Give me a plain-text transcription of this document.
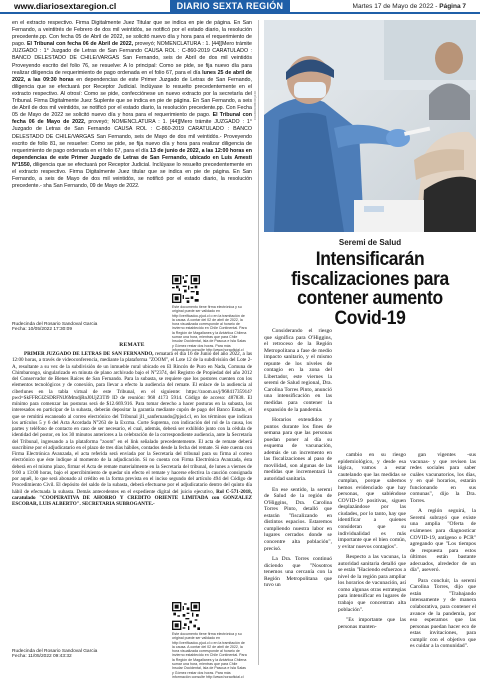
www.diariosextaregion.cl	DIARIO SEXTA REGIÓN	Martes 17 de Mayo de 2022 - Página 7

en el extracto respectivo. Firma Digitalmente Juez Titular que se indica en pie de página. En San Fernando, a veintitrés de Febrero de dos mil veintidós, se notificó por el estado diario, la resolución precedente.pp. Con fecha 05 de Abril de 2022, se solicitó nuevo día y hora para el requerimiento de pago. El Tribunal con fecha 06 de Abril de 2022, proveyó; NOMENCLATURA : 1. [44][Mero trámite JUZGADO : 1° Juzgado de Letras de San Fernando CAUSA ROL : C-860-2019 CARATULADO : BANCO DELESTADO DE CHILE/VARGAS San Fernando, seis de Abril de dos mil veintidós Proveyendo escrito del folio 76, se resuelve: A lo principal: Como se pide, se fija nuevo día para realizar diligencia de requerimiento de pago ordenada en el folio 67, para el día lunes 25 de abril de 2022, a las 09:30 horas en dependencias de este Primer Juzgado de Letras de San Fernando, diligencia que se efectuará por Receptor Judicial. Inclúyase lo resuelto precedentemente en el extracto respectivo. Al otrosí: Como se pide, confecciónese un nuevo extracto por la secretaría del Tribunal. Firma Digitalmente Juez Suplente que se indica en pie de página. En San Fernando, a seis de Abril de dos mil veintidós, se notificó por el estado diario, la resolución precedente.pp. Con Fecha 05 de Mayo de 2022 se solicitó nuevo día y hora para el requerimiento de pago. El Tribunal con fecha 06 de Mayo de 2022, proveyó; NOMENCLATURA : 1. [44][Mero trámite JUZGADO : 1° Juzgado de Letras de San Fernando CAUSA ROL : C-860-2019 CARATULADO : BANCO DELESTADO DE CHILE/VARGAS San Fernando, seis de Mayo de dos mil veintidós.- Proveyendo escrito de folio 81, se resuelve: Como se pide, se fija nuevo día y hora para realizar diligencia de requerimiento de pago ordenada en el folio 67, para el día 13 de junio de 2022, a las 12:00 horas en dependencias de este Primer Juzgado de Letras de San Fernando, ubicado en Luis Amesti N°1550, diligencia que se efectuará por Receptor Judicial. Inclúyase lo resuelto precedentemente en el extracto respectivo. Firma Digitalmente Juez titular que se indica en pie de página. En San Fernando, a seis de Mayo de dos mil veintidós, se notificó por el estado diario, la resolución precedente.- sha San Fernando, 09 de Mayo de 2022.

Rudecinda del Rosario Sandoval Garcia
Fecha: 10/05/2022 17:30:09
Este documento tiene firma electrónica y su original puede ser validado en http://verificadoc.pjud.cl o en la tramitación de la causa. A contar del 02 de abril de 2022, la hora visualizada corresponde al horario de invierno establecido en Chile Continental. Para la Región de Magallanes y la Antártica Chilena sumar una hora, mientras que para Chile Insular Occidental, Isla de Pascua e Isla Salas y Gómez restar dos horas. Para más información consulte http://www.horaoficial.cl
REMATE

PRIMER JUZGADO DE LETRAS DE SAN FERNANDO, rematará el día 16 de Junio del año 2022, a las 12:00 horas, a través de videoconferencia, mediante la plataforma "ZOOM", el Lote 12 de la subdivisión del Lote 2-A, resultante a su vez de la subdivisión de un inmueble rural ubicado en El Rincón de Puro en Nada, Comuna de Chimbarongo, singularizado en minuta de plano archivado bajo el N°2374, del Registro de Propiedad del año 2012 del Conservador de Bienes Raíces de San Fernando. Para la subasta, se requiere que los postores cuenten con los elementos tecnológicos y de conexión, para llevar a efecto la audiencia del remate. El enlace de la audiencia al ciberlunes en la tabla virtual de este Tribunal, en el siguiente: https://zoom.us/j/96841735914?pwd=SkFFRGlZSDRFNlJ6MmdjRnJ0UjZ3Tl9 ID de reunión: 968 4173 5914. Código de acceso: 487838. El mínimo para comenzar las posturas será de $12.669.916. Para tomar derecho a hacer posturas en la subasta, los interesados en participar de la subasta, deberán depositar la garantía mediante cupón de pago del Banco Estado, el que se remitirá escaneado al correo electrónico del Tribunal jl1_sanfernando@pjud.cl, en los términos que indican los artículos 5 y 6 del Acta Acordada N°263 de la Excma. Corte Suprema, con indicación del rol de la causa, los partes y teléfono de contacto en caso de ser necesario, el cual, además, deberá ser exhibido junto con la cédula de identidad del postor, en los 30 minutos anteriores a la celebración de la correspondiente audiencia, ante la Secretaría del Tribunal, ingresando a la plataforma "zoom" en el link señalado precedentemente. El acta de remate deberá suscribirse por el adjudicatario en el plazo de tres días hábiles, contados desde la fecha del remate. Si éste cuenta con Firma Electrónica Avanzada, el acta referida será enviada por la Secretaría del tribunal para su firma al correo electrónico que éste indique al momento de la adjudicación. Si no cuenta con Firma Electrónica Avanzada, ésta deberá en el mismo plazo, firmar el Acta de remate materialmente en la Secretaría del tribunal, de lunes a viernes de 9:00 a 13:00 horas, bajo el apercibimiento de quedar sin efecto el remate y hacerse efectiva la caución consignada por aquél, lo que será abonado al crédito en la forma prevista en el inciso segundo del artículo 494 del Código de Procedimiento Civil. El depósito del saldo de la subasta, deberá efectuarse por el adjudicatario dentro del quinto día hábil de efectuada la subasta. Demás antecedentes en el expediente digital del juicio ejecutivo, Rol C-571-2018, caratulado "COOPERATIVA DE AHORRO Y CREDITO ORIENTE LIMITADA con GONZALEZ ESCOBAR, LUIS ALBERTO". SECRETARIA SUBROGANTE.-

Rudecinda del Rosario Sandoval Garcia
Fecha: 11/05/2022 09:43:32
Este documento tiene firma electrónica y su original puede ser validado en http://verificadoc.pjud.cl o en la tramitación de la causa. A contar del 02 de abril de 2022, la hora visualizada corresponde al horario de invierno establecido en Chile Continental. Para la Región de Magallanes y la Antártica Chilena sumar una hora, mientras que para Chile Insular Occidental, Isla de Pascua e Isla Salas y Gómez restar dos horas. Para más información consulte http://www.horaoficial.cl
C0L8DKC0BXRQZ4D
Seremi de Salud
Intensificarán fiscalizaciones para contener aumento Covid-19

Considerando el riesgo que significa para O'Higgins, el retroceso de la Región Metropolitana a fase de medio impacto sanitario, y el mismo repunte de los niveles de contagio en la zona del Libertador, este viernes la seremi de Salud regional, Dra. Carolina Torres Pinto, anunció una intensificación en las medidas para contener la expansión de la pandemia.

Horarios extendidos y puntos durante los fines de semana para que las personas puedan poner al día su esquema de vacunación, además de un incremento en las fiscalizaciones al paso de movilidad, son algunas de las medidas que incrementará la autoridad sanitaria.

En ese sentido, la seremi de Salud de la región de O'Higgins, Dra. Carolina Torres Pinto, detalló que estarán "fiscalizando en distintos espacios. Estaremos cumpliendo nuestra labor en lugares cerrados donde se concentre alta población", precisó.

La Dra. Torres continuó diciendo que "Nosotros tenemos una cercanía con la Región Metropolitana que tuvo un

cambio en su riesgo epidemiológico, y desde esa lógica, vamos a estar cautelando que las medidas se cumplan, porque sabemos hemos evidenciado que hay personas, que sabiéndose COVID-19 positivas, siguen desplazándose por las ciudades, por lo tanto, hay que identificar a quienes consideran que su individualidad es más importante que el bien común, y evitar nuevos contagios".

Respecto a las vacunas, la autoridad sanitaria detalló que se están "Haciendo esfuerzos a nivel de la región para ampliar los horarios de vacunación, así como algunas otras estrategias para intensificar en lugares de trabajo que concentran alta población".

"Es importante que las personas manten-

gan vigentes -sus vacunas- y que revisen las redes sociales para saber cuáles vacunatorios, los días, y en qué horarios, estarán funcionando en sus comunas", dijo la Dra. Torres.

A región seguirá, la Seremi subrayó que existe una amplia "Oferta de exámenes para diagnosticar COVID-19, antígeno o PCR" agregando que "Los tiempos de respuesta para estos últimos están bastante adecuados, alrededor de un día", aseveró.

Para concluir, la seremi Carolina Torres, dijo que están "Trabajando intensamente y de manera colaborativa, para contener el avance de la pandemia, por eso esperamos que las personas puedan hacer eco de estas invitaciones, para cumplir con el objetivo que es cuidar a la comunidad".
